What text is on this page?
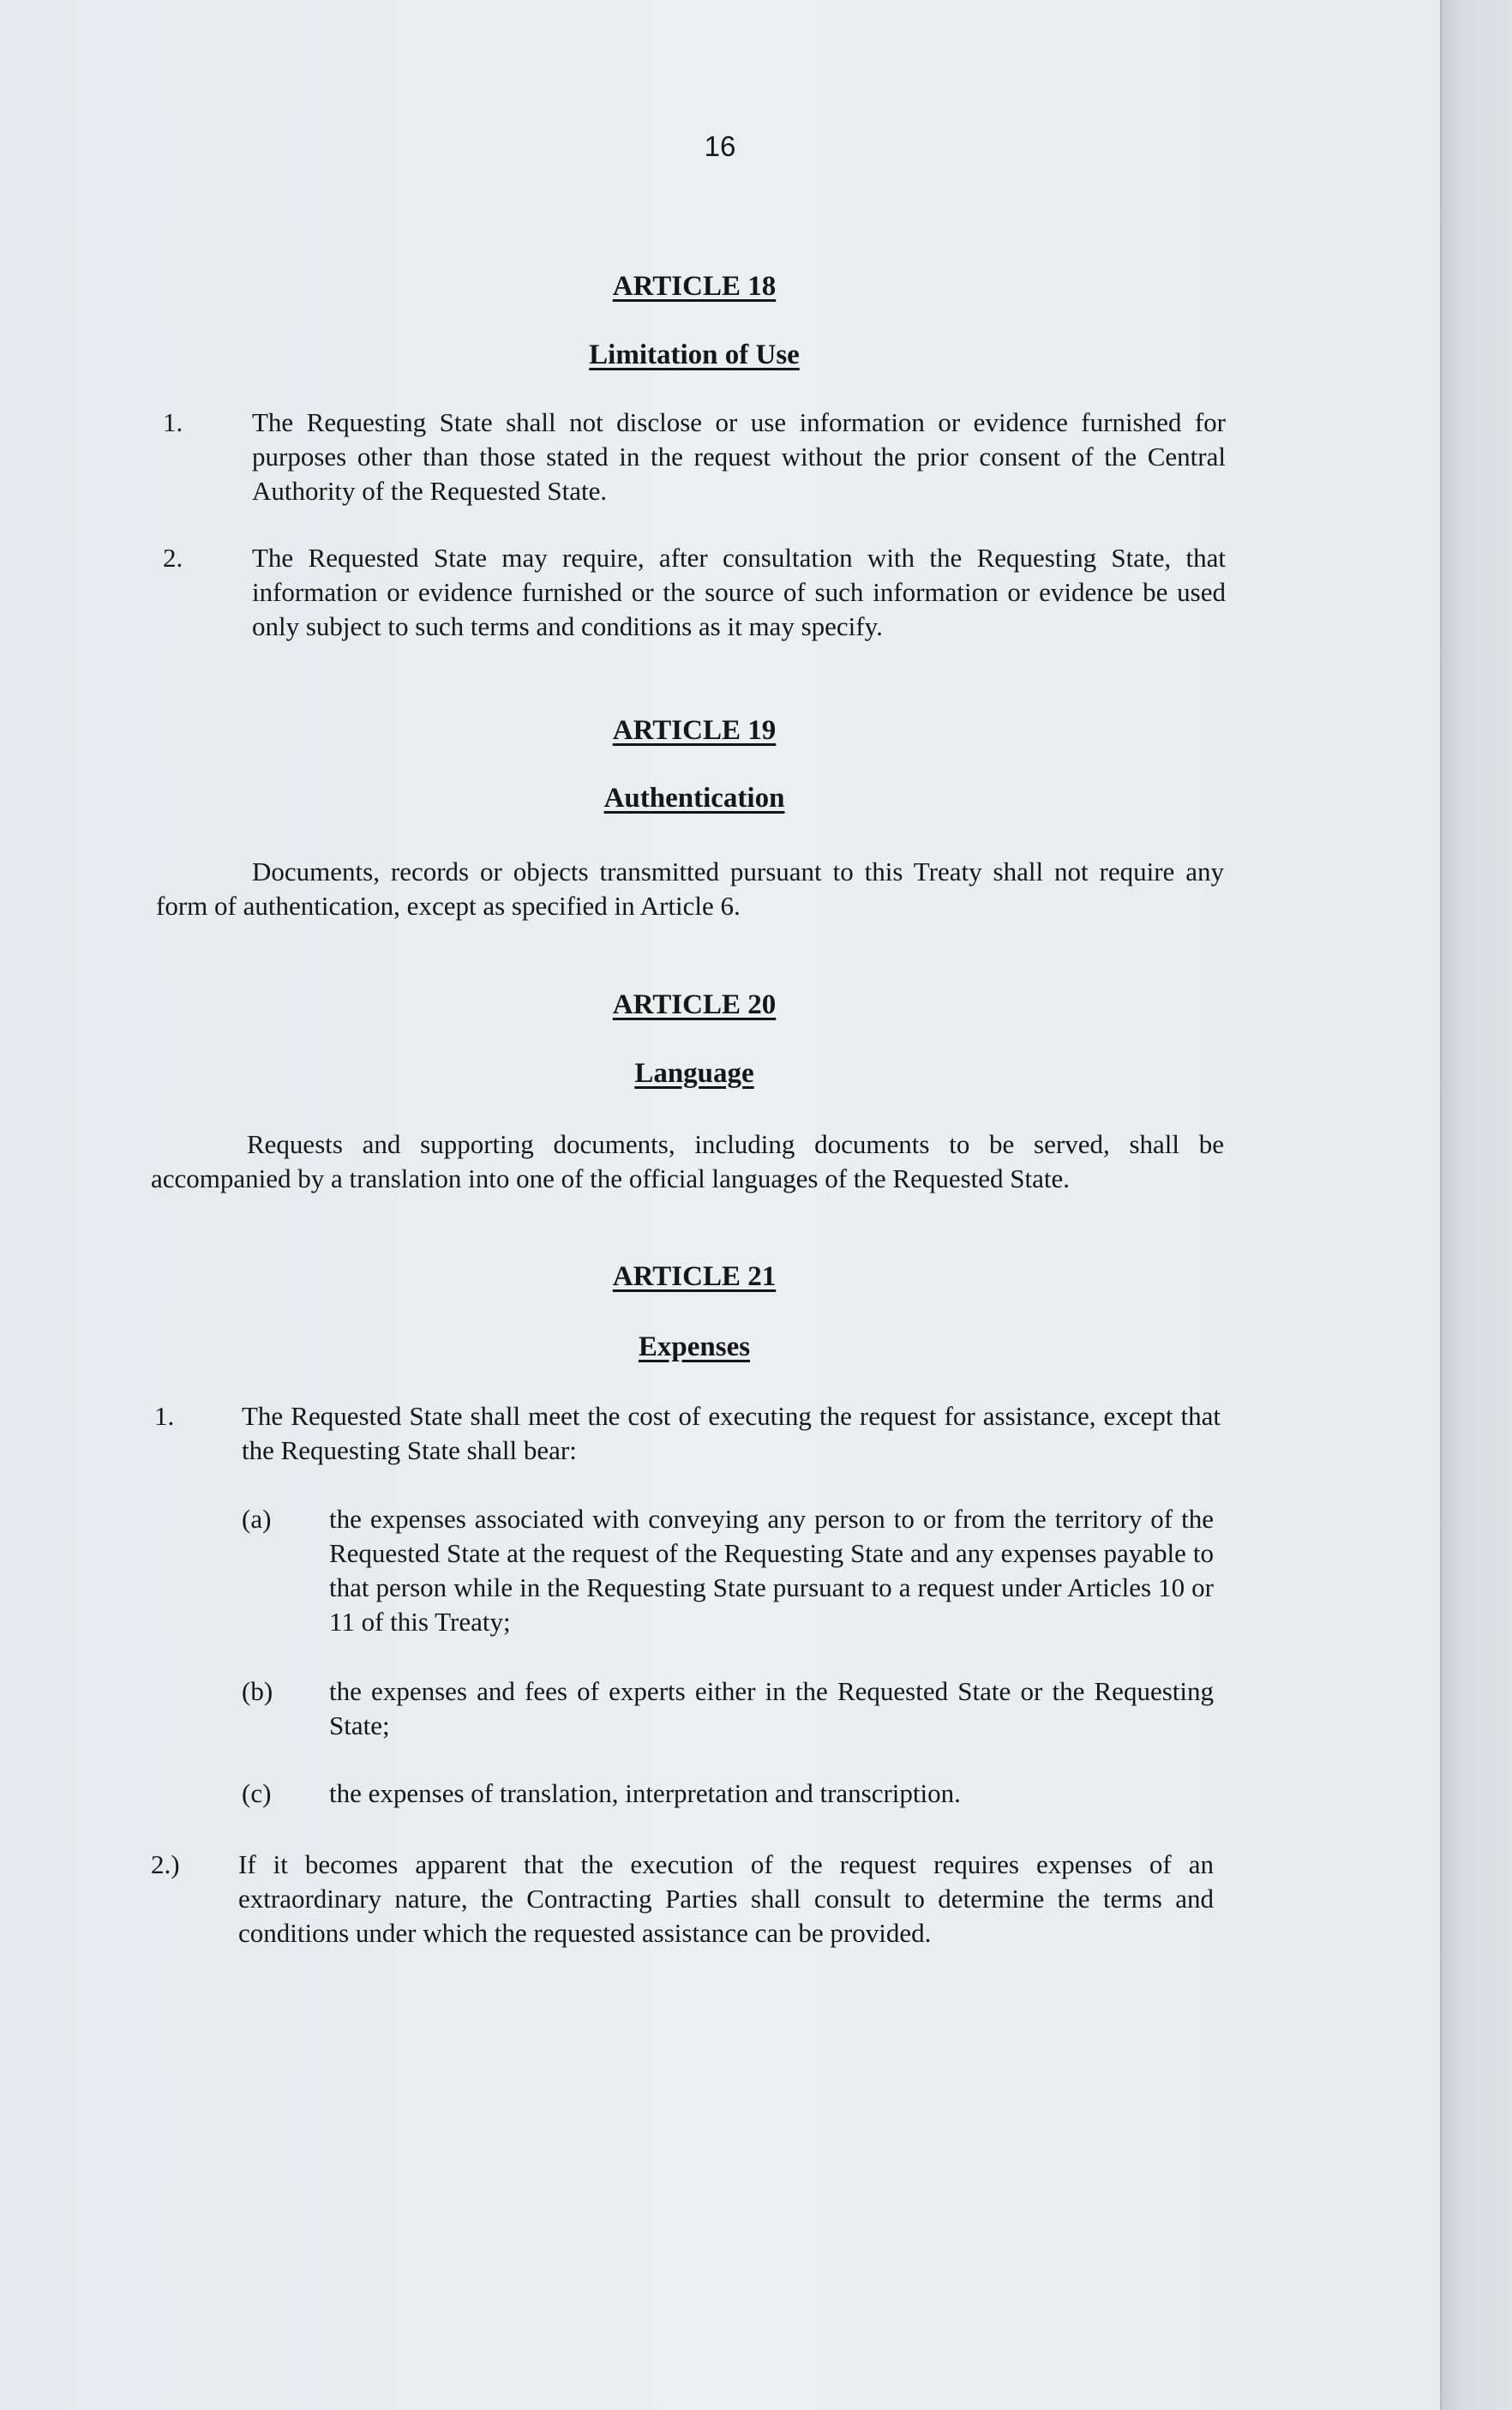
16
ARTICLE 18
Limitation of Use
1.	The Requesting State shall not disclose or use information or evidence furnished for purposes other than those stated in the request without the prior consent of the Central Authority of the Requested State.
2.	The Requested State may require, after consultation with the Requesting State, that information or evidence furnished or the source of such information or evidence be used only subject to such terms and conditions as it may specify.
ARTICLE 19
Authentication
Documents, records or objects transmitted pursuant to this Treaty shall not require any form of authentication, except as specified in Article 6.
ARTICLE 20
Language
Requests and supporting documents, including documents to be served, shall be accompanied by a translation into one of the official languages of the Requested State.
ARTICLE 21
Expenses
1.	The Requested State shall meet the cost of executing the request for assistance, except that the Requesting State shall bear:
(a) the expenses associated with conveying any person to or from the territory of the Requested State at the request of the Requesting State and any expenses payable to that person while in the Requesting State pursuant to a request under Articles 10 or 11 of this Treaty;
(b) the expenses and fees of experts either in the Requested State or the Requesting State;
(c) the expenses of translation, interpretation and transcription.
2.) If it becomes apparent that the execution of the request requires expenses of an extraordinary nature, the Contracting Parties shall consult to determine the terms and conditions under which the requested assistance can be provided.
